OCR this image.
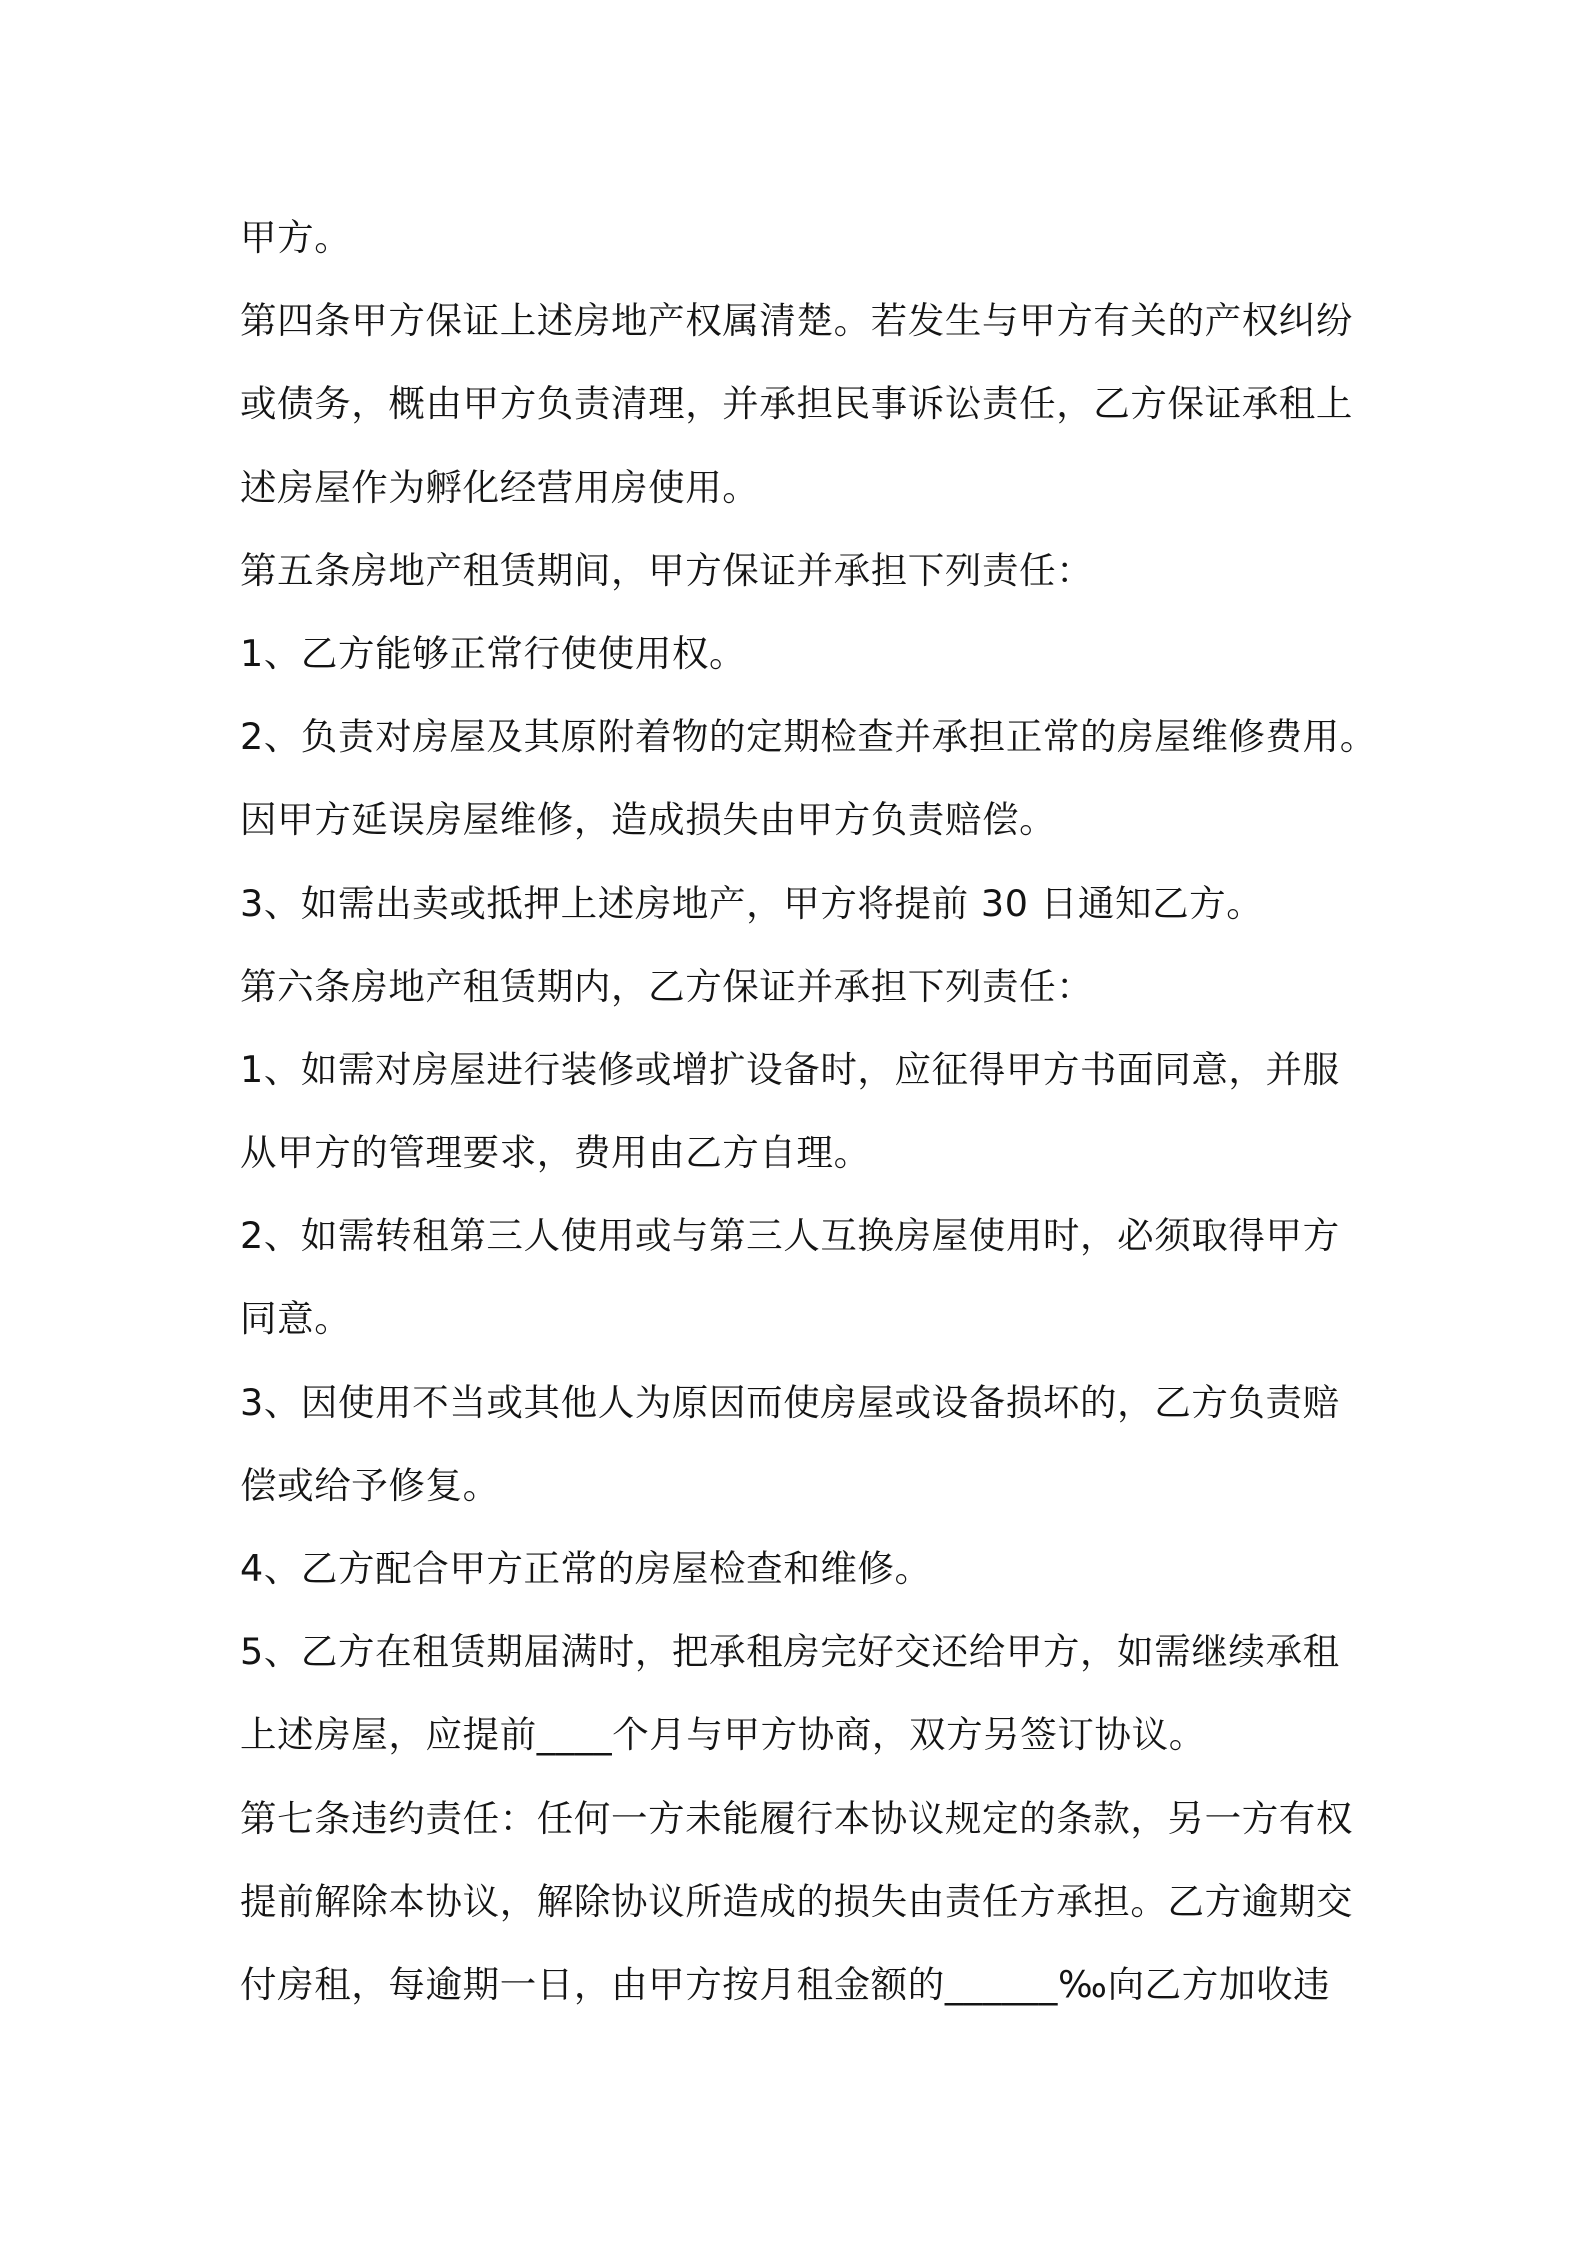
甲方。
第四条甲方保证上述房地产权属清楚。若发生与甲方有关的产权纠纷
或债务，概由甲方负责清理，并承担民事诉讼责任，乙方保证承租上
述房屋作为孵化经营用房使用。
第五条房地产租赁期间，甲方保证并承担下列责任：
1、乙方能够正常行使使用权。
2、负责对房屋及其原附着物的定期检查并承担正常的房屋维修费用。
因甲方延误房屋维修，造成损失由甲方负责赔偿。
3、如需出卖或抵押上述房地产，甲方将提前 30 日通知乙方。
第六条房地产租赁期内，乙方保证并承担下列责任：
1、如需对房屋进行装修或增扩设备时，应征得甲方书面同意，并服
从甲方的管理要求，费用由乙方自理。
2、如需转租第三人使用或与第三人互换房屋使用时，必须取得甲方
同意。
3、因使用不当或其他人为原因而使房屋或设备损坏的，乙方负责赔
偿或给予修复。
4、乙方配合甲方正常的房屋检查和维修。
5、乙方在租赁期届满时，把承租房完好交还给甲方，如需继续承租
上述房屋，应提前____个月与甲方协商，双方另签订协议。
第七条违约责任：任何一方未能履行本协议规定的条款，另一方有权
提前解除本协议，解除协议所造成的损失由责任方承担。乙方逾期交
付房租，每逾期一日，由甲方按月租金额的______‰向乙方加收违
